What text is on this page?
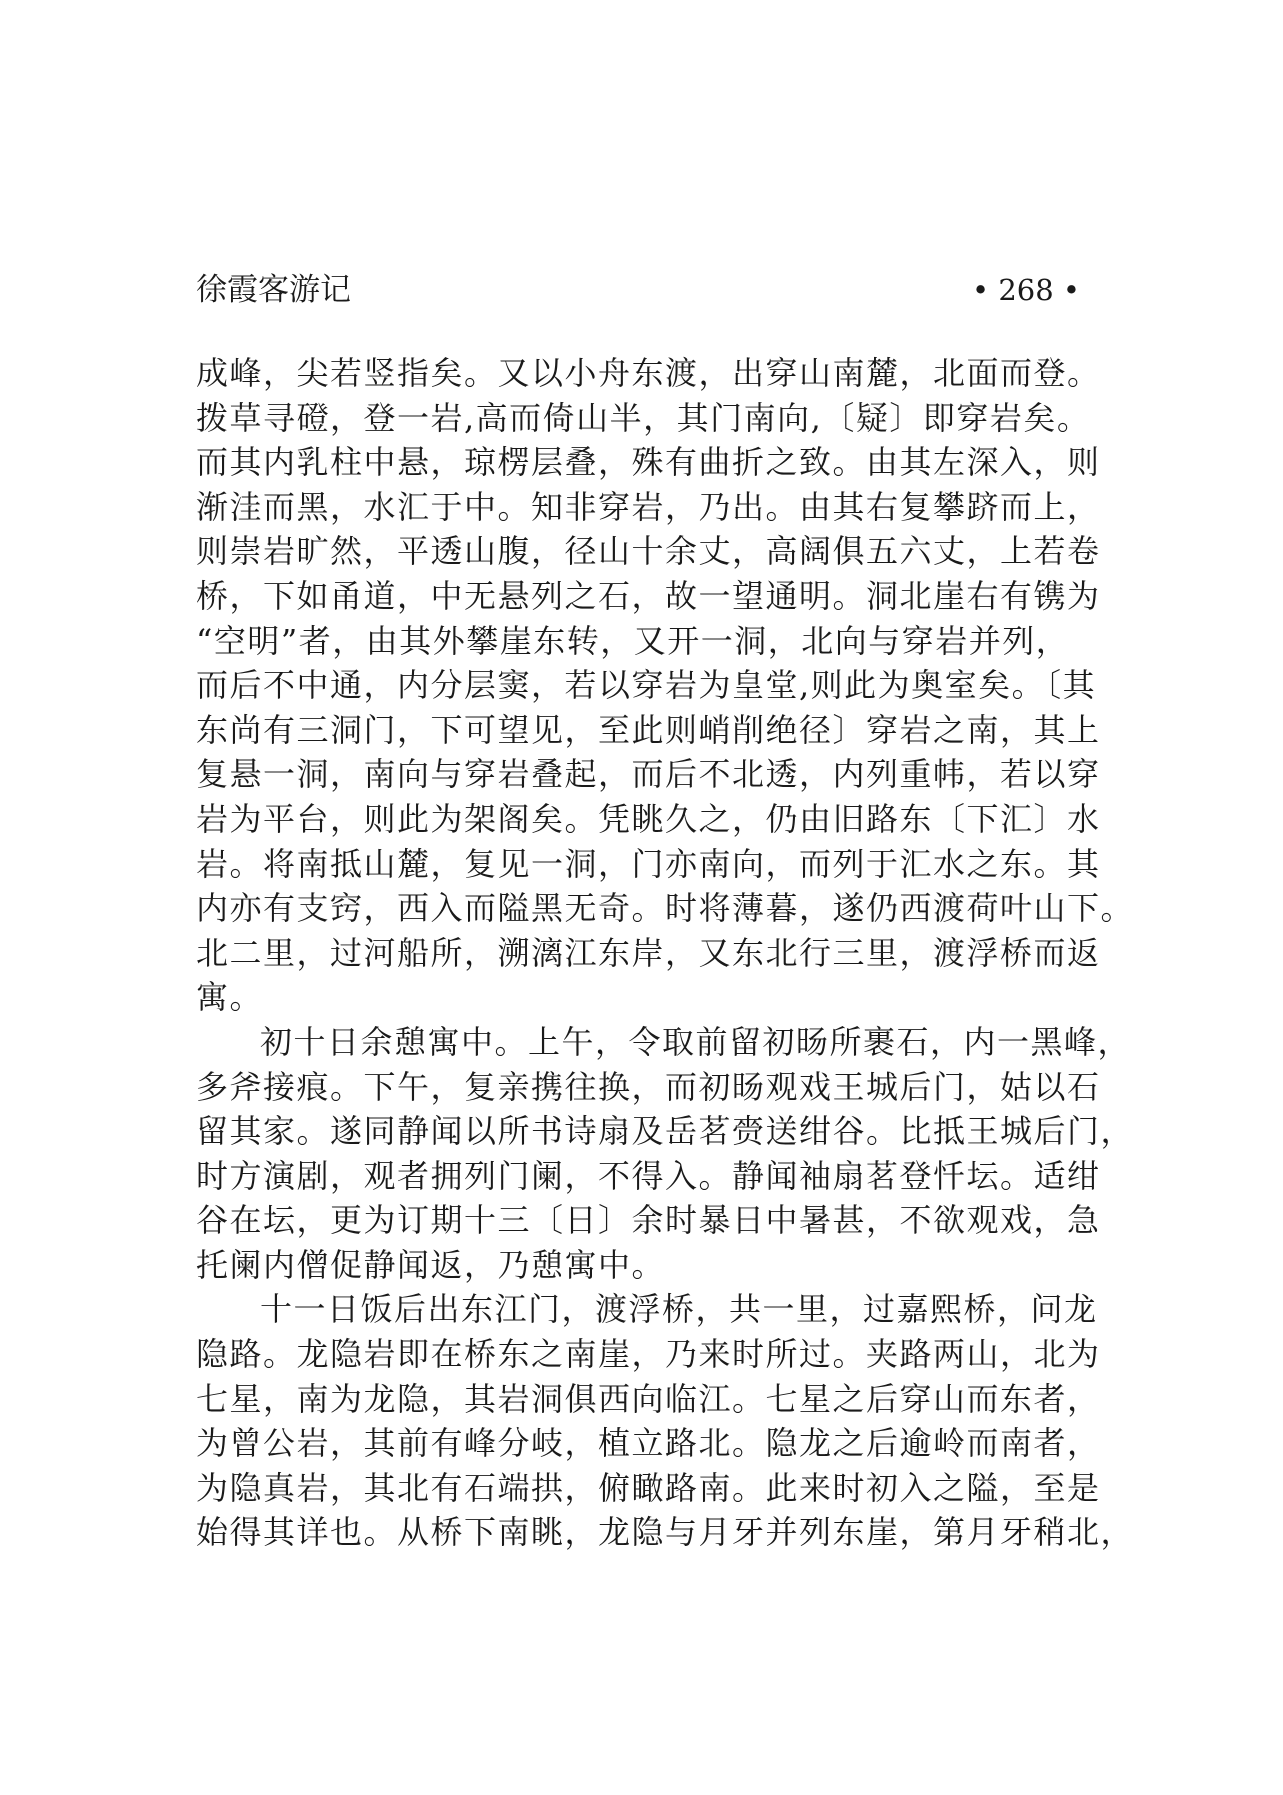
徐霞客游记	• 268 •
成峰，尖若竖指矣。又以小舟东渡，出穿山南麓，北面而登。
拨草寻磴，登一岩,高而倚山半，其门南向,〔疑〕即穿岩矣。
而其内乳柱中悬，琼楞层叠，殊有曲折之致。由其左深入，则
渐洼而黑，水汇于中。知非穿岩，乃出。由其右复攀跻而上，
则崇岩旷然，平透山腹，径山十余丈，高阔俱五六丈，上若卷
桥，下如甬道，中无悬列之石，故一望通明。洞北崖右有镌为
“空明”者，由其外攀崖东转，又开一洞，北向与穿岩并列，
而后不中通，内分层窦，若以穿岩为皇堂,则此为奥室矣。〔其
东尚有三洞门，下可望见，至此则峭削绝径〕穿岩之南，其上
复悬一洞，南向与穿岩叠起，而后不北透，内列重帏，若以穿
岩为平台，则此为架阁矣。凭眺久之，仍由旧路东〔下汇〕水
岩。将南抵山麓，复见一洞，门亦南向，而列于汇水之东。其
内亦有支窍，西入而隘黑无奇。时将薄暮，遂仍西渡荷叶山下。
北二里，过河船所，溯漓江东岸，又东北行三里，渡浮桥而返
寓。
初十日余憩寓中。上午，令取前留初旸所裹石，内一黑峰，
多斧接痕。下午，复亲携往换，而初旸观戏王城后门，姑以石
留其家。遂同静闻以所书诗扇及岳茗赍送绀谷。比抵王城后门，
时方演剧，观者拥列门阑，不得入。静闻袖扇茗登忏坛。适绀
谷在坛，更为订期十三〔日〕余时暴日中暑甚，不欲观戏，急
托阑内僧促静闻返，乃憩寓中。
十一日饭后出东江门，渡浮桥，共一里，过嘉熙桥，问龙
隐路。龙隐岩即在桥东之南崖，乃来时所过。夹路两山，北为
七星，南为龙隐，其岩洞俱西向临江。七星之后穿山而东者，
为曾公岩，其前有峰分岐，植立路北。隐龙之后逾岭而南者，
为隐真岩，其北有石端拱，俯瞰路南。此来时初入之隘，至是
始得其详也。从桥下南眺，龙隐与月牙并列东崖，第月牙稍北，
